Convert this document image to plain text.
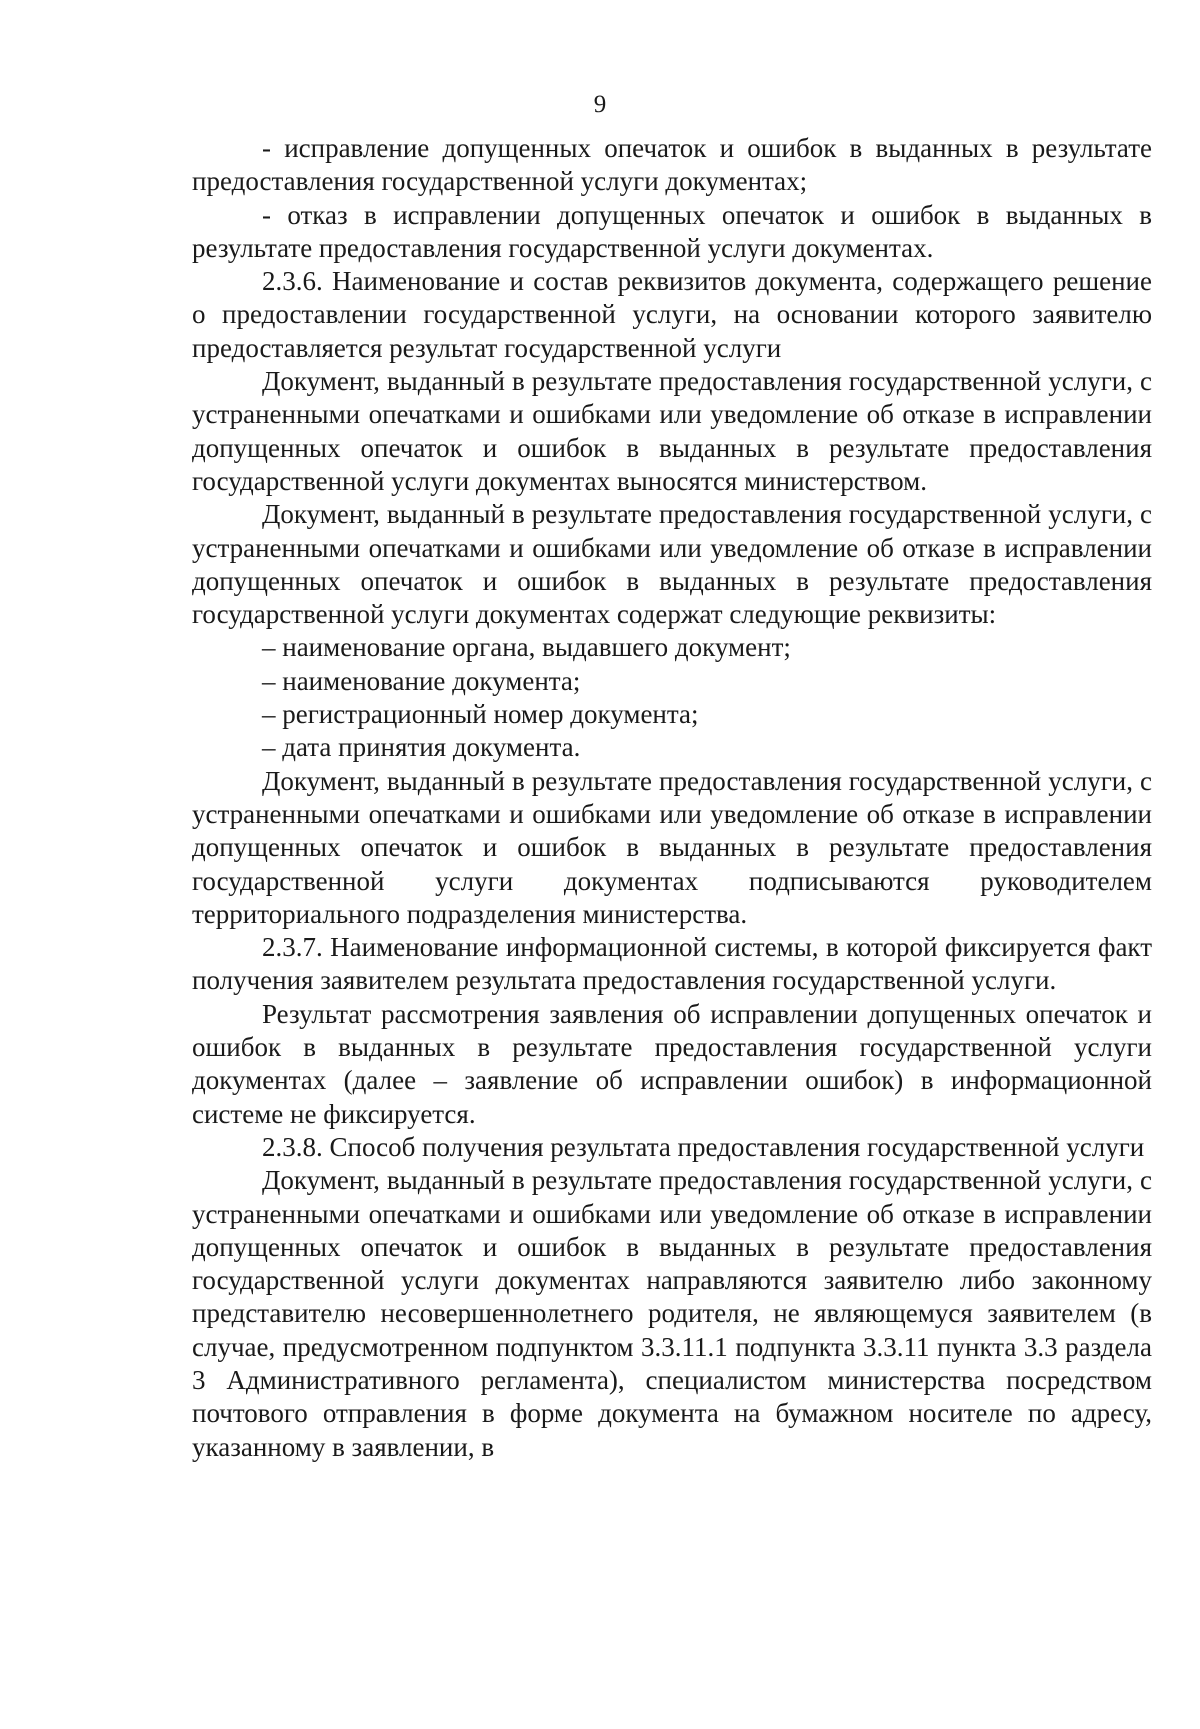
9

- исправление допущенных опечаток и ошибок в выданных в результате предоставления государственной услуги документах;

- отказ в исправлении допущенных опечаток и ошибок в выданных в результате предоставления государственной услуги документах.

2.3.6. Наименование и состав реквизитов документа, содержащего решение о предоставлении государственной услуги, на основании которого заявителю предоставляется результат государственной услуги

Документ, выданный в результате предоставления государственной услуги, с устраненными опечатками и ошибками или уведомление об отказе в исправлении допущенных опечаток и ошибок в выданных в результате предоставления государственной услуги документах выносятся министерством.

Документ, выданный в результате предоставления государственной услуги, с устраненными опечатками и ошибками или уведомление об отказе в исправлении допущенных опечаток и ошибок в выданных в результате предоставления государственной услуги документах содержат следующие реквизиты:

– наименование органа, выдавшего документ;

– наименование документа;

– регистрационный номер документа;

– дата принятия документа.

Документ, выданный в результате предоставления государственной услуги, с устраненными опечатками и ошибками или уведомление об отказе в исправлении допущенных опечаток и ошибок в выданных в результате предоставления государственной услуги документах подписываются руководителем территориального подразделения министерства.

2.3.7. Наименование информационной системы, в которой фиксируется факт получения заявителем результата предоставления государственной услуги.

Результат рассмотрения заявления об исправлении допущенных опечаток и ошибок в выданных в результате предоставления государственной услуги документах (далее – заявление об исправлении ошибок) в информационной системе не фиксируется.

2.3.8. Способ получения результата предоставления государственной услуги

Документ, выданный в результате предоставления государственной услуги, с устраненными опечатками и ошибками или уведомление об отказе в исправлении допущенных опечаток и ошибок в выданных в результате предоставления государственной услуги документах направляются заявителю либо законному представителю несовершеннолетнего родителя, не являющемуся заявителем (в случае, предусмотренном подпунктом 3.3.11.1 подпункта 3.3.11 пункта 3.3 раздела 3 Административного регламента), специалистом министерства посредством почтового отправления в форме документа на бумажном носителе по адресу, указанному в заявлении, в
